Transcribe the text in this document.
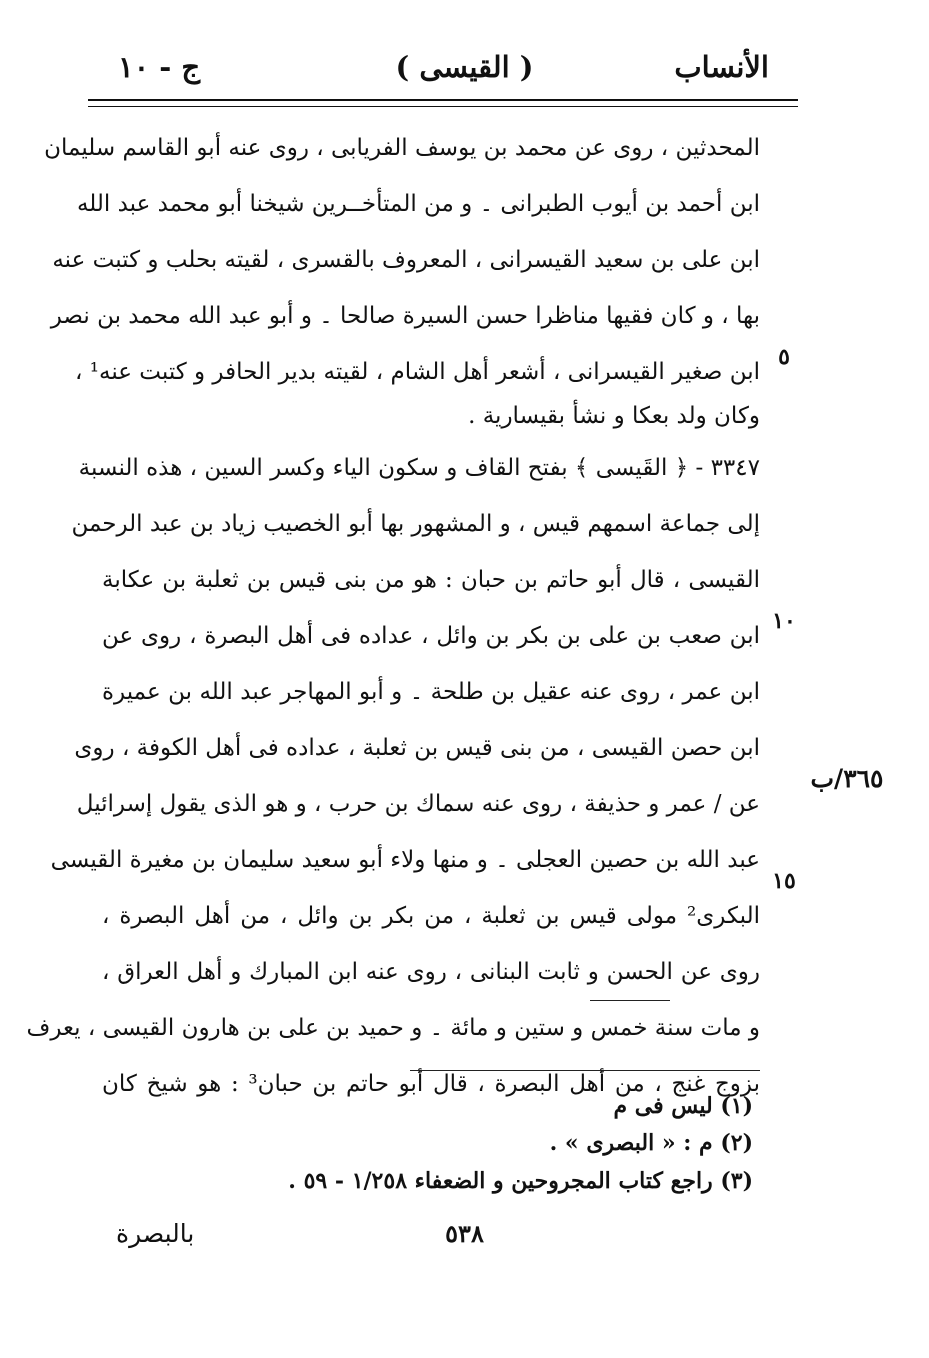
الأنساب
( القيسى )
ج - ١٠
المحدثين ، روى عن محمد بن يوسف الفريابى ، روى عنه أبو القاسم سليمان
ابن أحمد بن أيوب الطبرانى ۔ و من المتأخــرين شيخنا أبو محمد عبد الله
ابن على بن سعيد القيسرانى ، المعروف بالقسرى ، لقيته بحلب و كتبت عنه
بها ، و كان فقيها مناظرا حسن السيرة صالحا ۔ و أبو عبد الله محمد بن نصر
ابن صغير القيسرانى ، أشعر أهل الشام ، لقيته بدير الحافر و كتبت عنه¹ ،
وكان ولد بعكا و نشأ بقيسارية .
٣٣٤٧ - ﴿ القَيسى ﴾ بفتح القاف و سكون الياء وكسر السين ، هذه النسبة
إلى جماعة اسمهم قيس ، و المشهور بها أبو الخصيب زياد بن عبد الرحمن
القيسى ، قال أبو حاتم بن حبان : هو من بنى قيس بن ثعلبة بن عكابة
ابن صعب بن على بن بكر بن وائل ، عداده فى أهل البصرة ، روى عن
ابن عمر ، روى عنه عقيل بن طلحة ۔ و أبو المهاجر عبد الله بن عميرة
ابن حصن القيسى ، من بنى قيس بن ثعلبة ، عداده فى أهل الكوفة ، روى
عن / عمر و حذيفة ، روى عنه سماك بن حرب ، و هو الذى يقول إسرائيل
عبد الله بن حصين العجلى ۔ و منها ولاء أبو سعيد سليمان بن مغيرة القيسى
البكرى² مولى قيس بن ثعلبة ، من بكر بن وائل ، من أهل البصرة ،
روى عن الحسن و ثابت البنانى ، روى عنه ابن المبارك و أهل العراق ،
و مات سنة خمس و ستين و مائة ۔ و حميد بن على بن هارون القيسى ، يعرف
بزوج غنج ، من أهل البصرة ، قال أبو حاتم بن حبان³ : هو شيخ كان
٥
١٠
١٥
٣٦٥/ب
(١) ليس فى م
(٢) م : « البصرى » .
(٣) راجع كتاب المجروحين و الضعفاء ١/٢٥٨ - ٥٩ .
٥٣٨
بالبصرة
